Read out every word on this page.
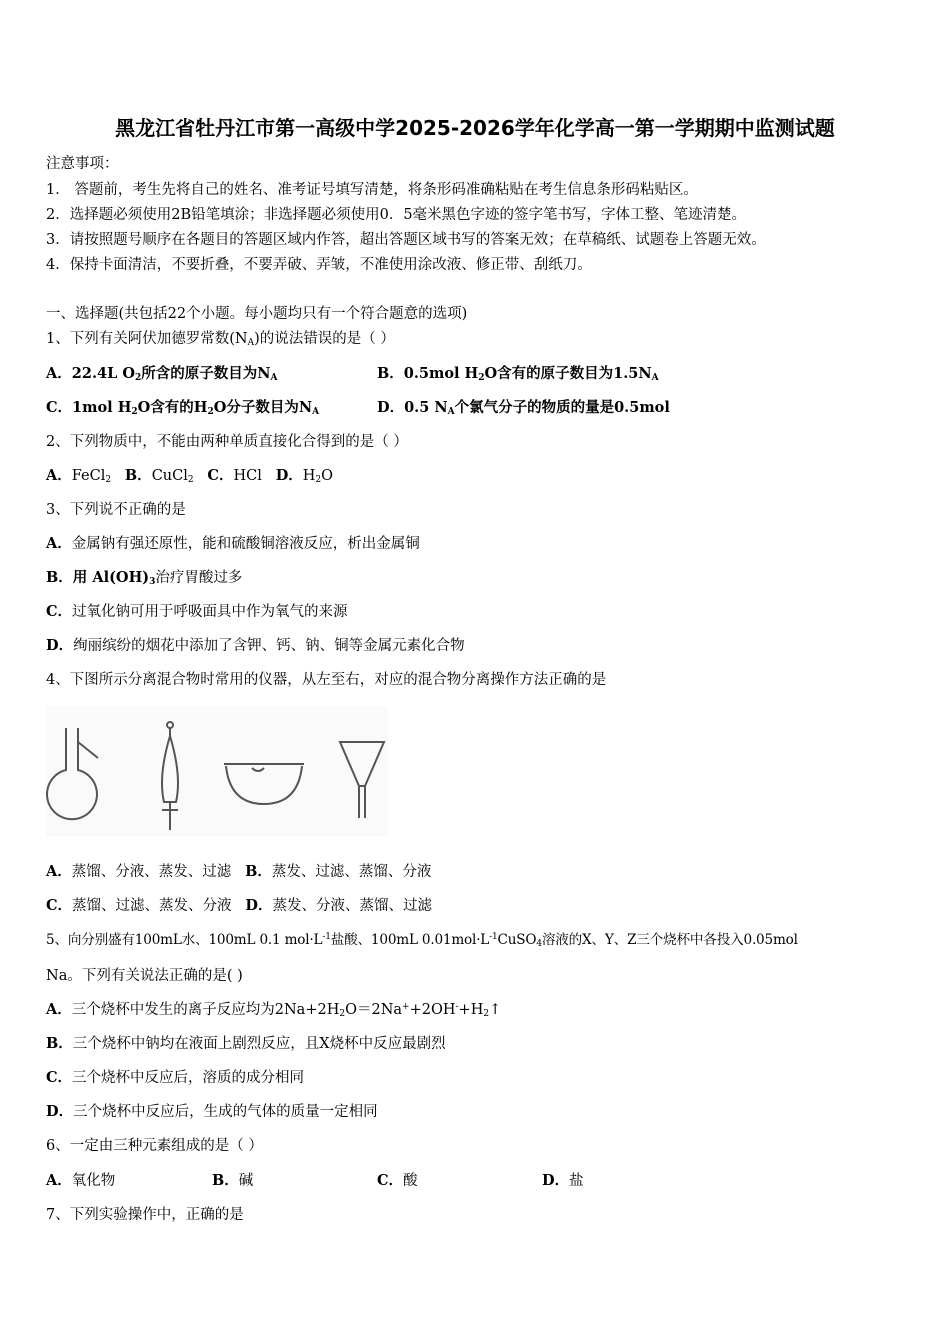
黑龙江省牡丹江市第一高级中学2025-2026学年化学高一第一学期期中监测试题
注意事项：
1． 答题前，考生先将自己的姓名、准考证号填写清楚，将条形码准确粘贴在考生信息条形码粘贴区。
2．选择题必须使用2B铅笔填涂；非选择题必须使用0．5毫米黑色字迹的签字笔书写，字体工整、笔迹清楚。
3．请按照题号顺序在各题目的答题区域内作答，超出答题区域书写的答案无效；在草稿纸、试题卷上答题无效。
4．保持卡面清洁，不要折叠，不要弄破、弄皱，不准使用涂改液、修正带、刮纸刀。
一、选择题(共包括22个小题。每小题均只有一个符合题意的选项)
1、下列有关阿伏加德罗常数$(N_A)$的说法错误的是（ ）
A．22.4L $O_2$所含的原子数目为$N_A$	B．0.5mol $H_2O$含有的原子数目为$1.5N_A$
C．1mol $H_2O$含有的$H_2O$分子数目为$N_A$	D．0.5 $N_A$个氯气分子的物质的量是0.5mol
2、下列物质中，不能由两种单质直接化合得到的是（ ）
A．FeCl$_2$ B．CuCl$_2$ C．HCl D．$H_2O$
3、下列说不正确的是
A．金属钠有强还原性，能和硫酸铜溶液反应，析出金属铜
B．用 $Al(OH)_3$治疗胃酸过多
C．过氧化钠可用于呼吸面具中作为氧气的来源
D．绚丽缤纷的烟花中添加了含钾、钙、钠、铜等金属元素化合物
4、下图所示分离混合物时常用的仪器，从左至右，对应的混合物分离操作方法正确的是
A．蒸馏、分液、蒸发、过滤 B．蒸发、过滤、蒸馏、分液
C．蒸馏、过滤、蒸发、分液 D．蒸发、分液、蒸馏、过滤
5、向分别盛有100mL水、100mL 0.1 $mol\cdot L^{-1}$盐酸、100mL $0.01mol\cdot L^{-1}CuSO_4$溶液的X、Y、Z三个烧杯中各投入0.05mol
Na。下列有关说法正确的是( )
A．三个烧杯中发生的离子反应均为$2Na+2H_2O=2Na^++2OH^-+H_2↑$
B．三个烧杯中钠均在液面上剧烈反应，且X烧杯中反应最剧烈
C．三个烧杯中反应后，溶质的成分相同
D．三个烧杯中反应后，生成的气体的质量一定相同
6、一定由三种元素组成的是（ ）
A．氧化物	B．碱	C．酸	D．盐
7、下列实验操作中，正确的是
